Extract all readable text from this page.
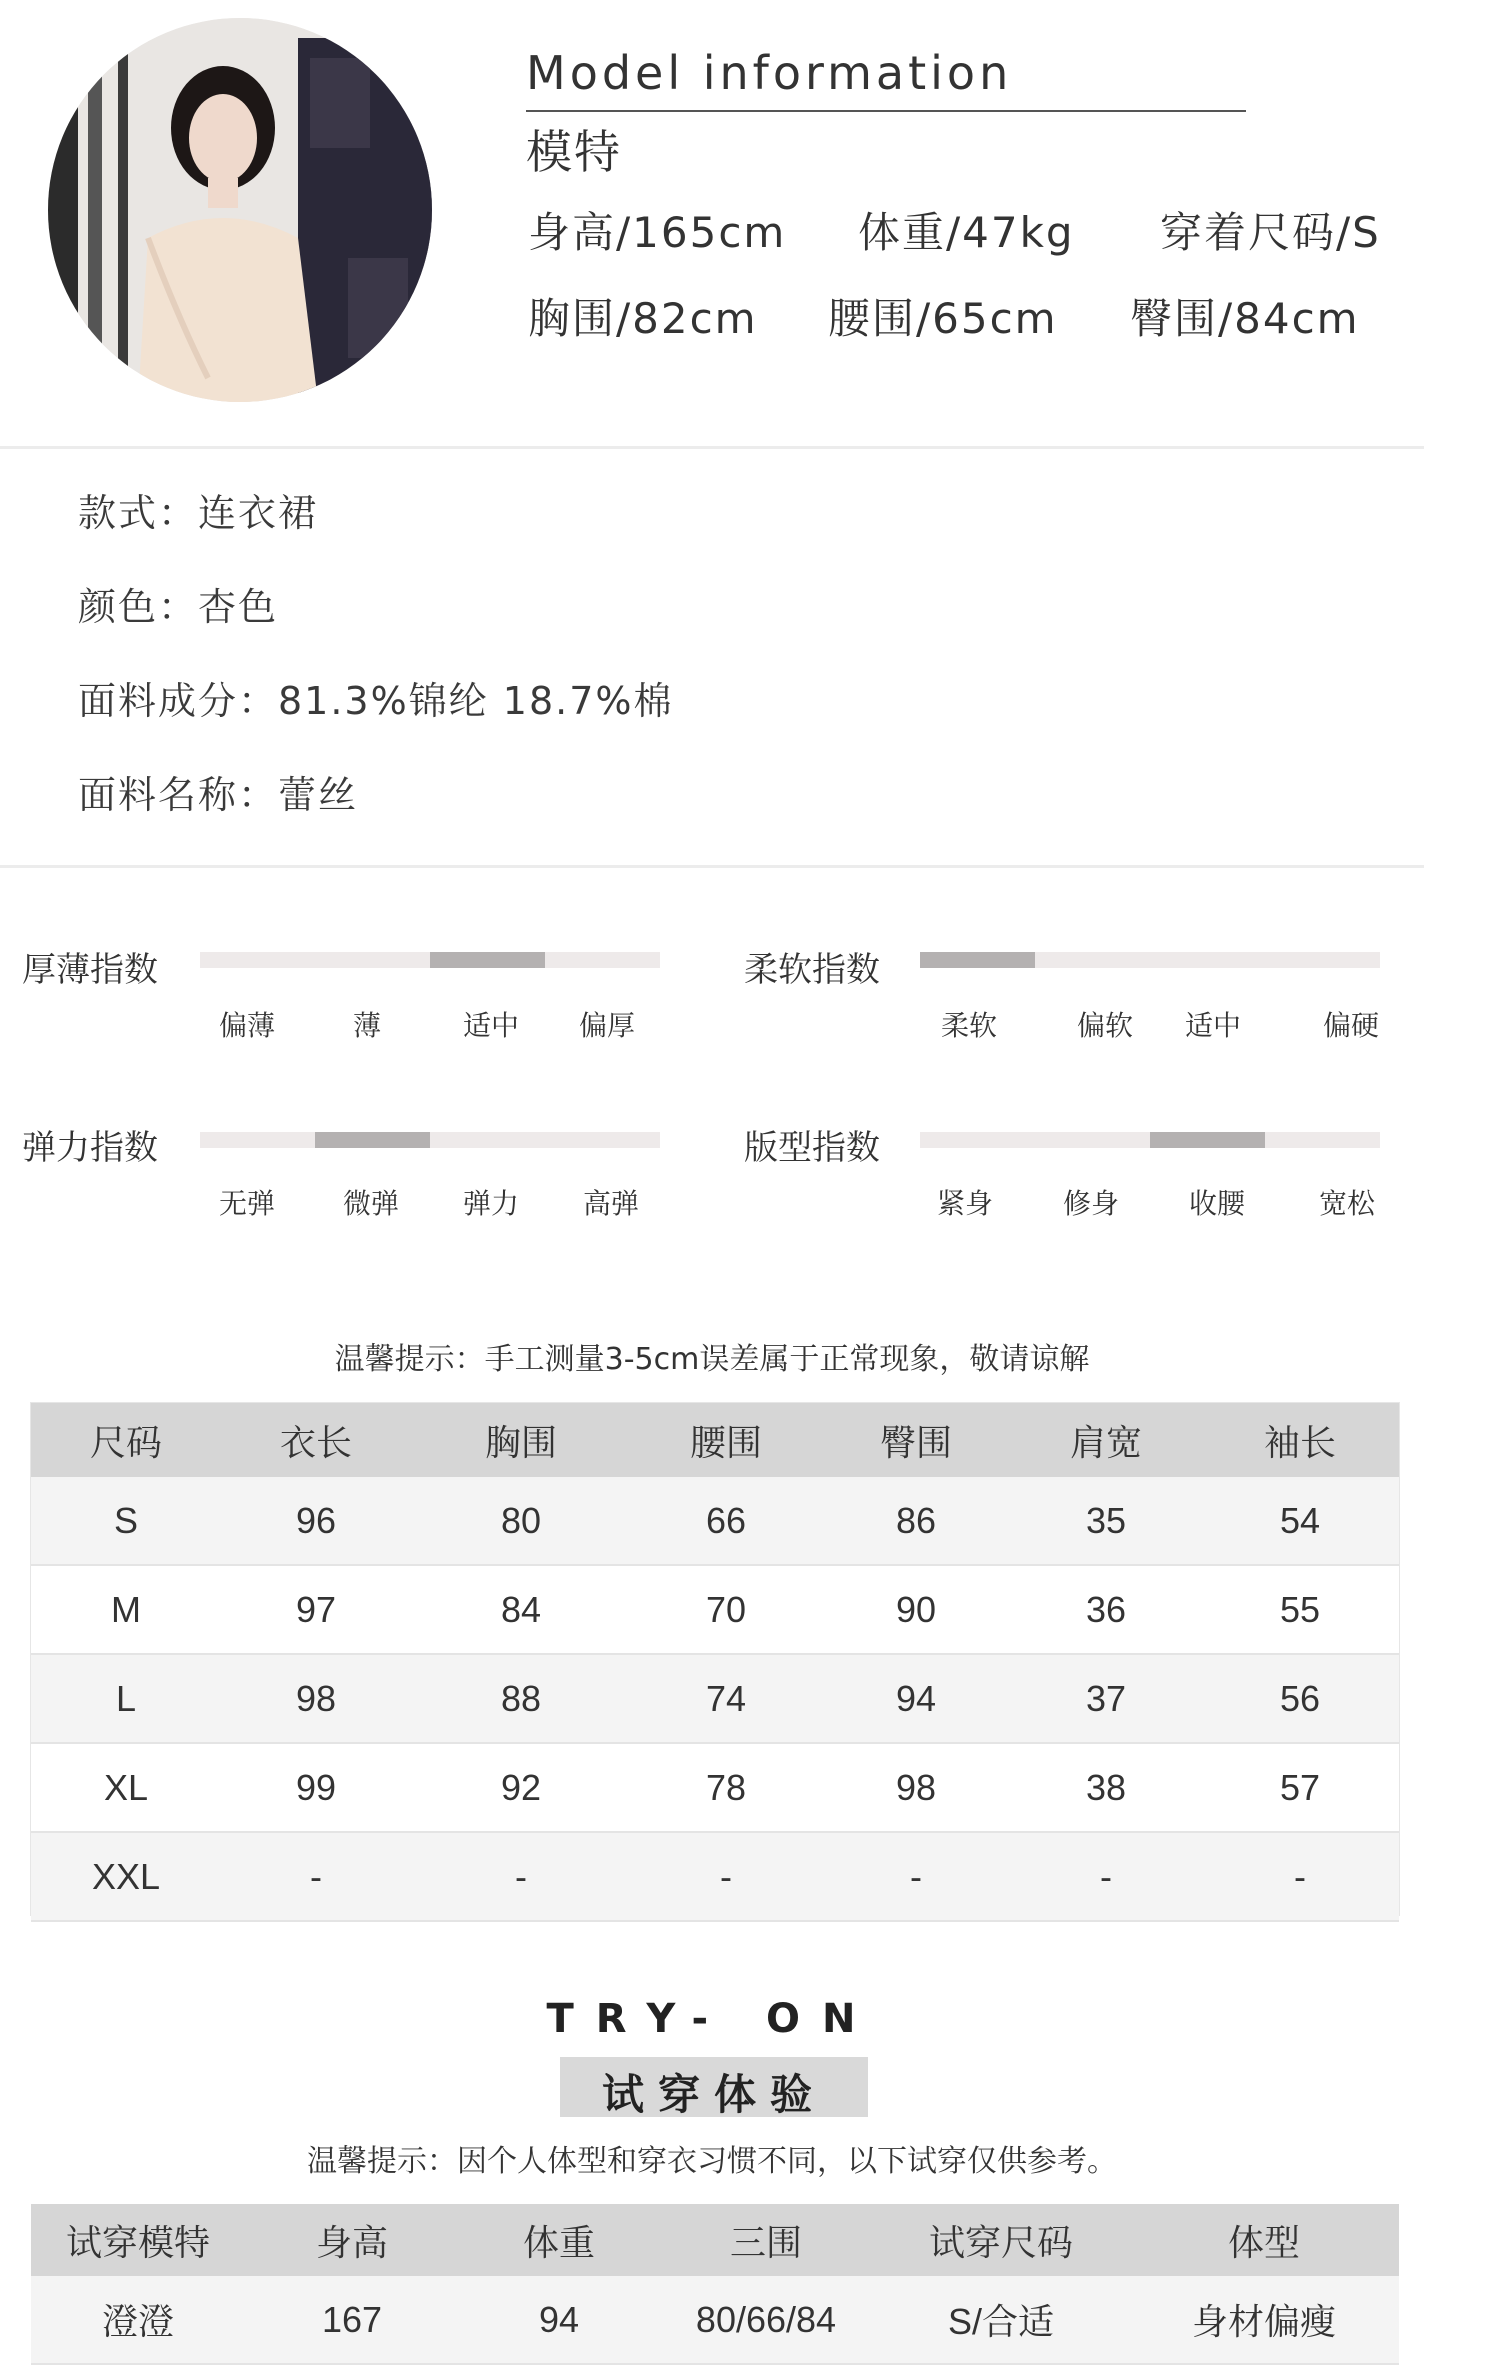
Model information
模特
身高/165cm 体重/47kg 穿着尺码/S
胸围/82cm 腰围/65cm 臀围/84cm
款式：连衣裙
颜色：杏色
面料成分：81.3%锦纶 18.7%棉
面料名称：蕾丝
厚薄指数
偏薄	薄	适中	偏厚
柔软指数
柔软	偏软	适中	偏硬
弹力指数
无弹	微弹	弹力	高弹
版型指数
紧身	修身	收腰	宽松
温馨提示：手工测量3-5cm误差属于正常现象，敬请谅解
尺码	衣长	胸围	腰围	臀围	肩宽	袖长
S	96	80	66	86	35	54
M	97	84	70	90	36	55
L	98	88	74	94	37	56
XL	99	92	78	98	38	57
XXL	-	-	-	-	-	-
TRY- ON
试穿体验
温馨提示：因个人体型和穿衣习惯不同，以下试穿仅供参考。
试穿模特	身高	体重	三围	试穿尺码	体型
澄澄	167	94	80/66/84	S/合适	身材偏瘦
